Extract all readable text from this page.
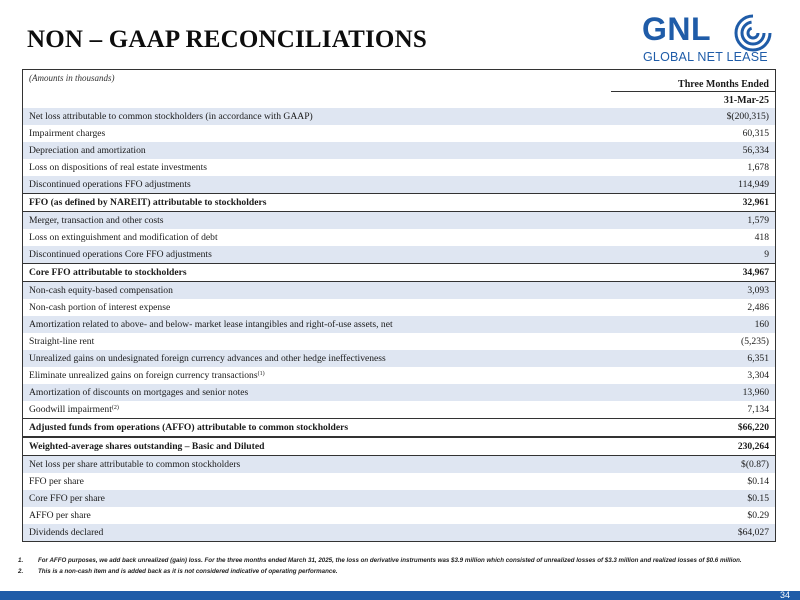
NON – GAAP RECONCILIATIONS	GNL
GLOBAL NET LEASE
(Amounts in thousands)
Three Months Ended
31-Mar-25
Net loss attributable to common stockholders (in accordance with GAAP)	$(200,315)
Impairment charges	60,315
Depreciation and amortization	56,334
Loss on dispositions of real estate investments	1,678
Discontinued operations FFO adjustments	114,949
FFO (as defined by NAREIT) attributable to stockholders	32,961
Merger, transaction and other costs	1,579
Loss on extinguishment and modification of debt	418
Discontinued operations Core FFO adjustments	9
Core FFO attributable to stockholders	34,967
Non-cash equity-based compensation	3,093
Non-cash portion of interest expense	2,486
Amortization related to above- and below- market lease intangibles and right-of-use assets, net	160
Straight-line rent	(5,235)
Unrealized gains on undesignated foreign currency advances and other hedge ineffectiveness	6,351
Eliminate unrealized gains on foreign currency transactions$^{(1)}$	3,304
Amortization of discounts on mortgages and senior notes	13,960
Goodwill impairment$^{(2)}$	7,134
Adjusted funds from operations (AFFO) attributable to common stockholders	$66,220
Weighted-average shares outstanding – Basic and Diluted	230,264
Net loss per share attributable to common stockholders	$(0.87)
FFO per share	$0.14
Core FFO per share	$0.15
AFFO per share	$0.29
Dividends declared	$64,027
1. For AFFO purposes, we add back unrealized (gain) loss. For the three months ended March 31, 2025, the loss on derivative instruments was $3.9 million which consisted of unrealized losses of $3.3 million and realized losses of $0.6 million.
2. This is a non-cash item and is added back as it is not considered indicative of operating performance.
34
